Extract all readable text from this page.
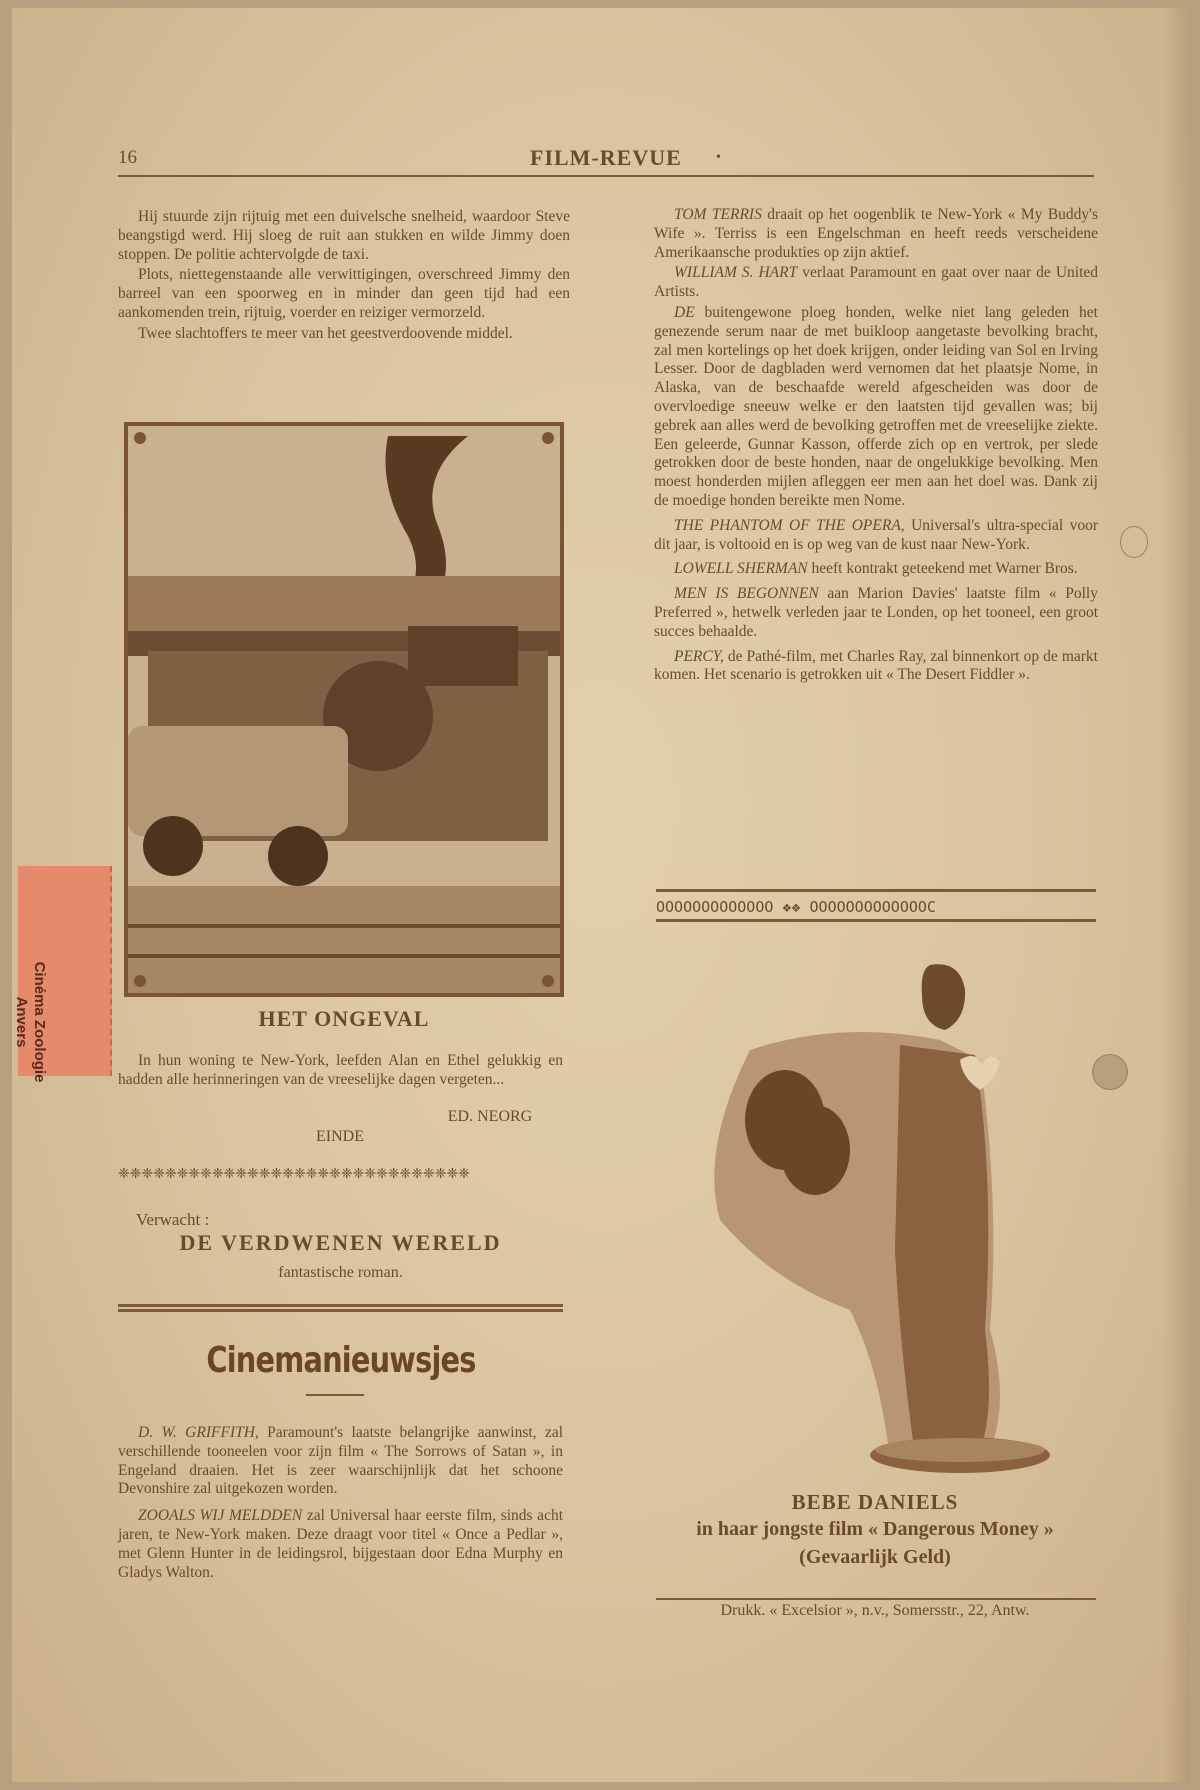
16	FILM-REVUE •

Hij stuurde zijn rijtuig met een duivelsche snelheid, waardoor Steve beangstigd werd. Hij sloeg de ruit aan stukken en wilde Jimmy doen stoppen. De politie achtervolgde de taxi.

Plots, niettegenstaande alle verwittigingen, overschreed Jimmy den barreel van een spoorweg en in minder dan geen tijd had een aankomenden trein, rijtuig, voerder en reiziger vermorzeld.

Twee slachtoffers te meer van het geestverdoovende middel.

HET ONGEVAL

In hun woning te New-York, leefden Alan en Ethel gelukkig en hadden alle herinneringen van de vreeselijke dagen vergeten...

ED. NEORG
EINDE
❈❈❈❈❈❈❈❈❈❈❈❈❈❈❈❈❈❈❈❈❈❈❈❈❈❈❈❈❈❈
Verwacht :
DE VERDWENEN WERELD
fantastische roman.
Cinemanieuwsjes

D. W. GRIFFITH, Paramount's laatste belangrijke aanwinst, zal verschillende tooneelen voor zijn film « The Sorrows of Satan », in Engeland draaien. Het is zeer waarschijnlijk dat het schoone Devonshire zal uitgekozen worden.

ZOOALS WIJ MELDDEN zal Universal haar eerste film, sinds acht jaren, te New-York maken. Deze draagt voor titel « Once a Pedlar », met Glenn Hunter in de leidingsrol, bijgestaan door Edna Murphy en Gladys Walton.

TOM TERRIS draait op het oogenblik te New-York « My Buddy's Wife ». Terriss is een Engelschman en heeft reeds verscheidene Amerikaansche produkties op zijn aktief.

WILLIAM S. HART verlaat Paramount en gaat over naar de United Artists.

DE buitengewone ploeg honden, welke niet lang geleden het genezende serum naar de met buikloop aangetaste bevolking bracht, zal men kortelings op het doek krijgen, onder leiding van Sol en Irving Lesser. Door de dagbladen werd vernomen dat het plaatsje Nome, in Alaska, van de beschaafde wereld afgescheiden was door de overvloedige sneeuw welke er den laatsten tijd gevallen was; bij gebrek aan alles werd de bevolking getroffen met de vreeselijke ziekte. Een geleerde, Gunnar Kasson, offerde zich op en vertrok, per slede getrokken door de beste honden, naar de ongelukkige bevolking. Men moest honderden mijlen afleggen eer men aan het doel was. Dank zij de moedige honden bereikte men Nome.

THE PHANTOM OF THE OPERA, Universal's ultra-special voor dit jaar, is voltooid en is op weg van de kust naar New-York.

LOWELL SHERMAN heeft kontrakt geteekend met Warner Bros.

MEN IS BEGONNEN aan Marion Davies' laatste film « Polly Preferred », hetwelk verleden jaar te Londen, op het tooneel, een groot succes behaalde.

PERCY, de Pathé-film, met Charles Ray, zal binnenkort op de markt komen. Het scenario is getrokken uit « The Desert Fiddler ».

OOOOOOOOOOOOO ❖❖ OOOOOOOOOOOOOC
BEBE DANIELS
in haar jongste film « Dangerous Money »
(Gevaarlijk Geld)
Drukk. « Excelsior », n.v., Somersstr., 22, Antw.
Cinéma Zoologie
Anvers
